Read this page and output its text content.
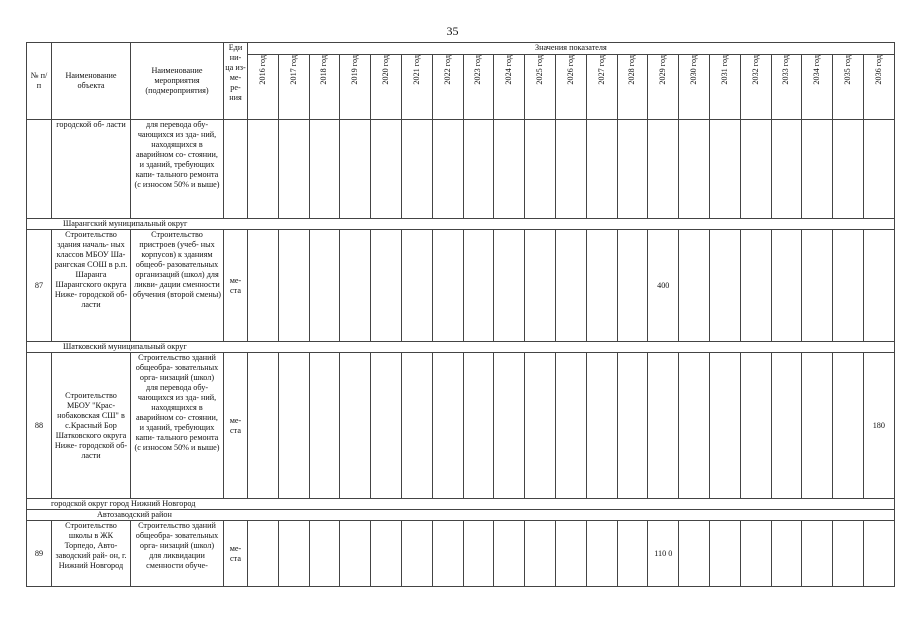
35
№ п/п	Наименование объекта	Наименование мероприятия (подмероприятия)	Еди ни- ца из- ме- ре- ния	Значения показателя																				
				2016 год	2017 год	2018 год	2019 год	2020 год	2021 год	2022 год	2023 год	2024 год	2025 год	2026 год	2027 год	2028 год	2029 год	2030 год	2031 год	2032 год	2033 год	2034 год	2035 год	2036 год
	городской об- ласти	для перевода обу- чающихся из зда- ний, находящихся в аварийном со- стоянии, и зданий, требующих капи- тального ремонта (с износом 50% и выше)																						
Шарангский муниципальный округ																								
87	Строительство здания началь- ных классов МБОУ Ша- рангская СОШ в р.п. Шаранга Шарангского округа Ниже- городской об- ласти	Строительство пристроев (учеб- ных корпусов) к зданиям общеоб- разовательных организаций (школ) для ликви- дации сменности обучения (второй смены)	ме- ста														400							
Шатковский муниципальный округ																								
88	Строительство МБОУ "Крас- нобаковская СШ" в с.Красный Бор Шатковского округа Ниже- городской об- ласти	Строительство зданий общеобра- зовательных орга- низаций (школ) для перевода обу- чающихся из зда- ний, находящихся в аварийном со- стоянии, и зданий, требующих капи- тального ремонта (с износом 50% и выше)	ме- ста																					180
городской округ город Нижний Новгород																								
Автозаводский район																								
89	Строительство школы в ЖК Торпедо, Авто- заводский рай- он, г. Нижний Новгород	Строительство зданий общеобра- зовательных орга- низаций (школ) для ликвидации сменности обуче-	ме- ста														110 0							
